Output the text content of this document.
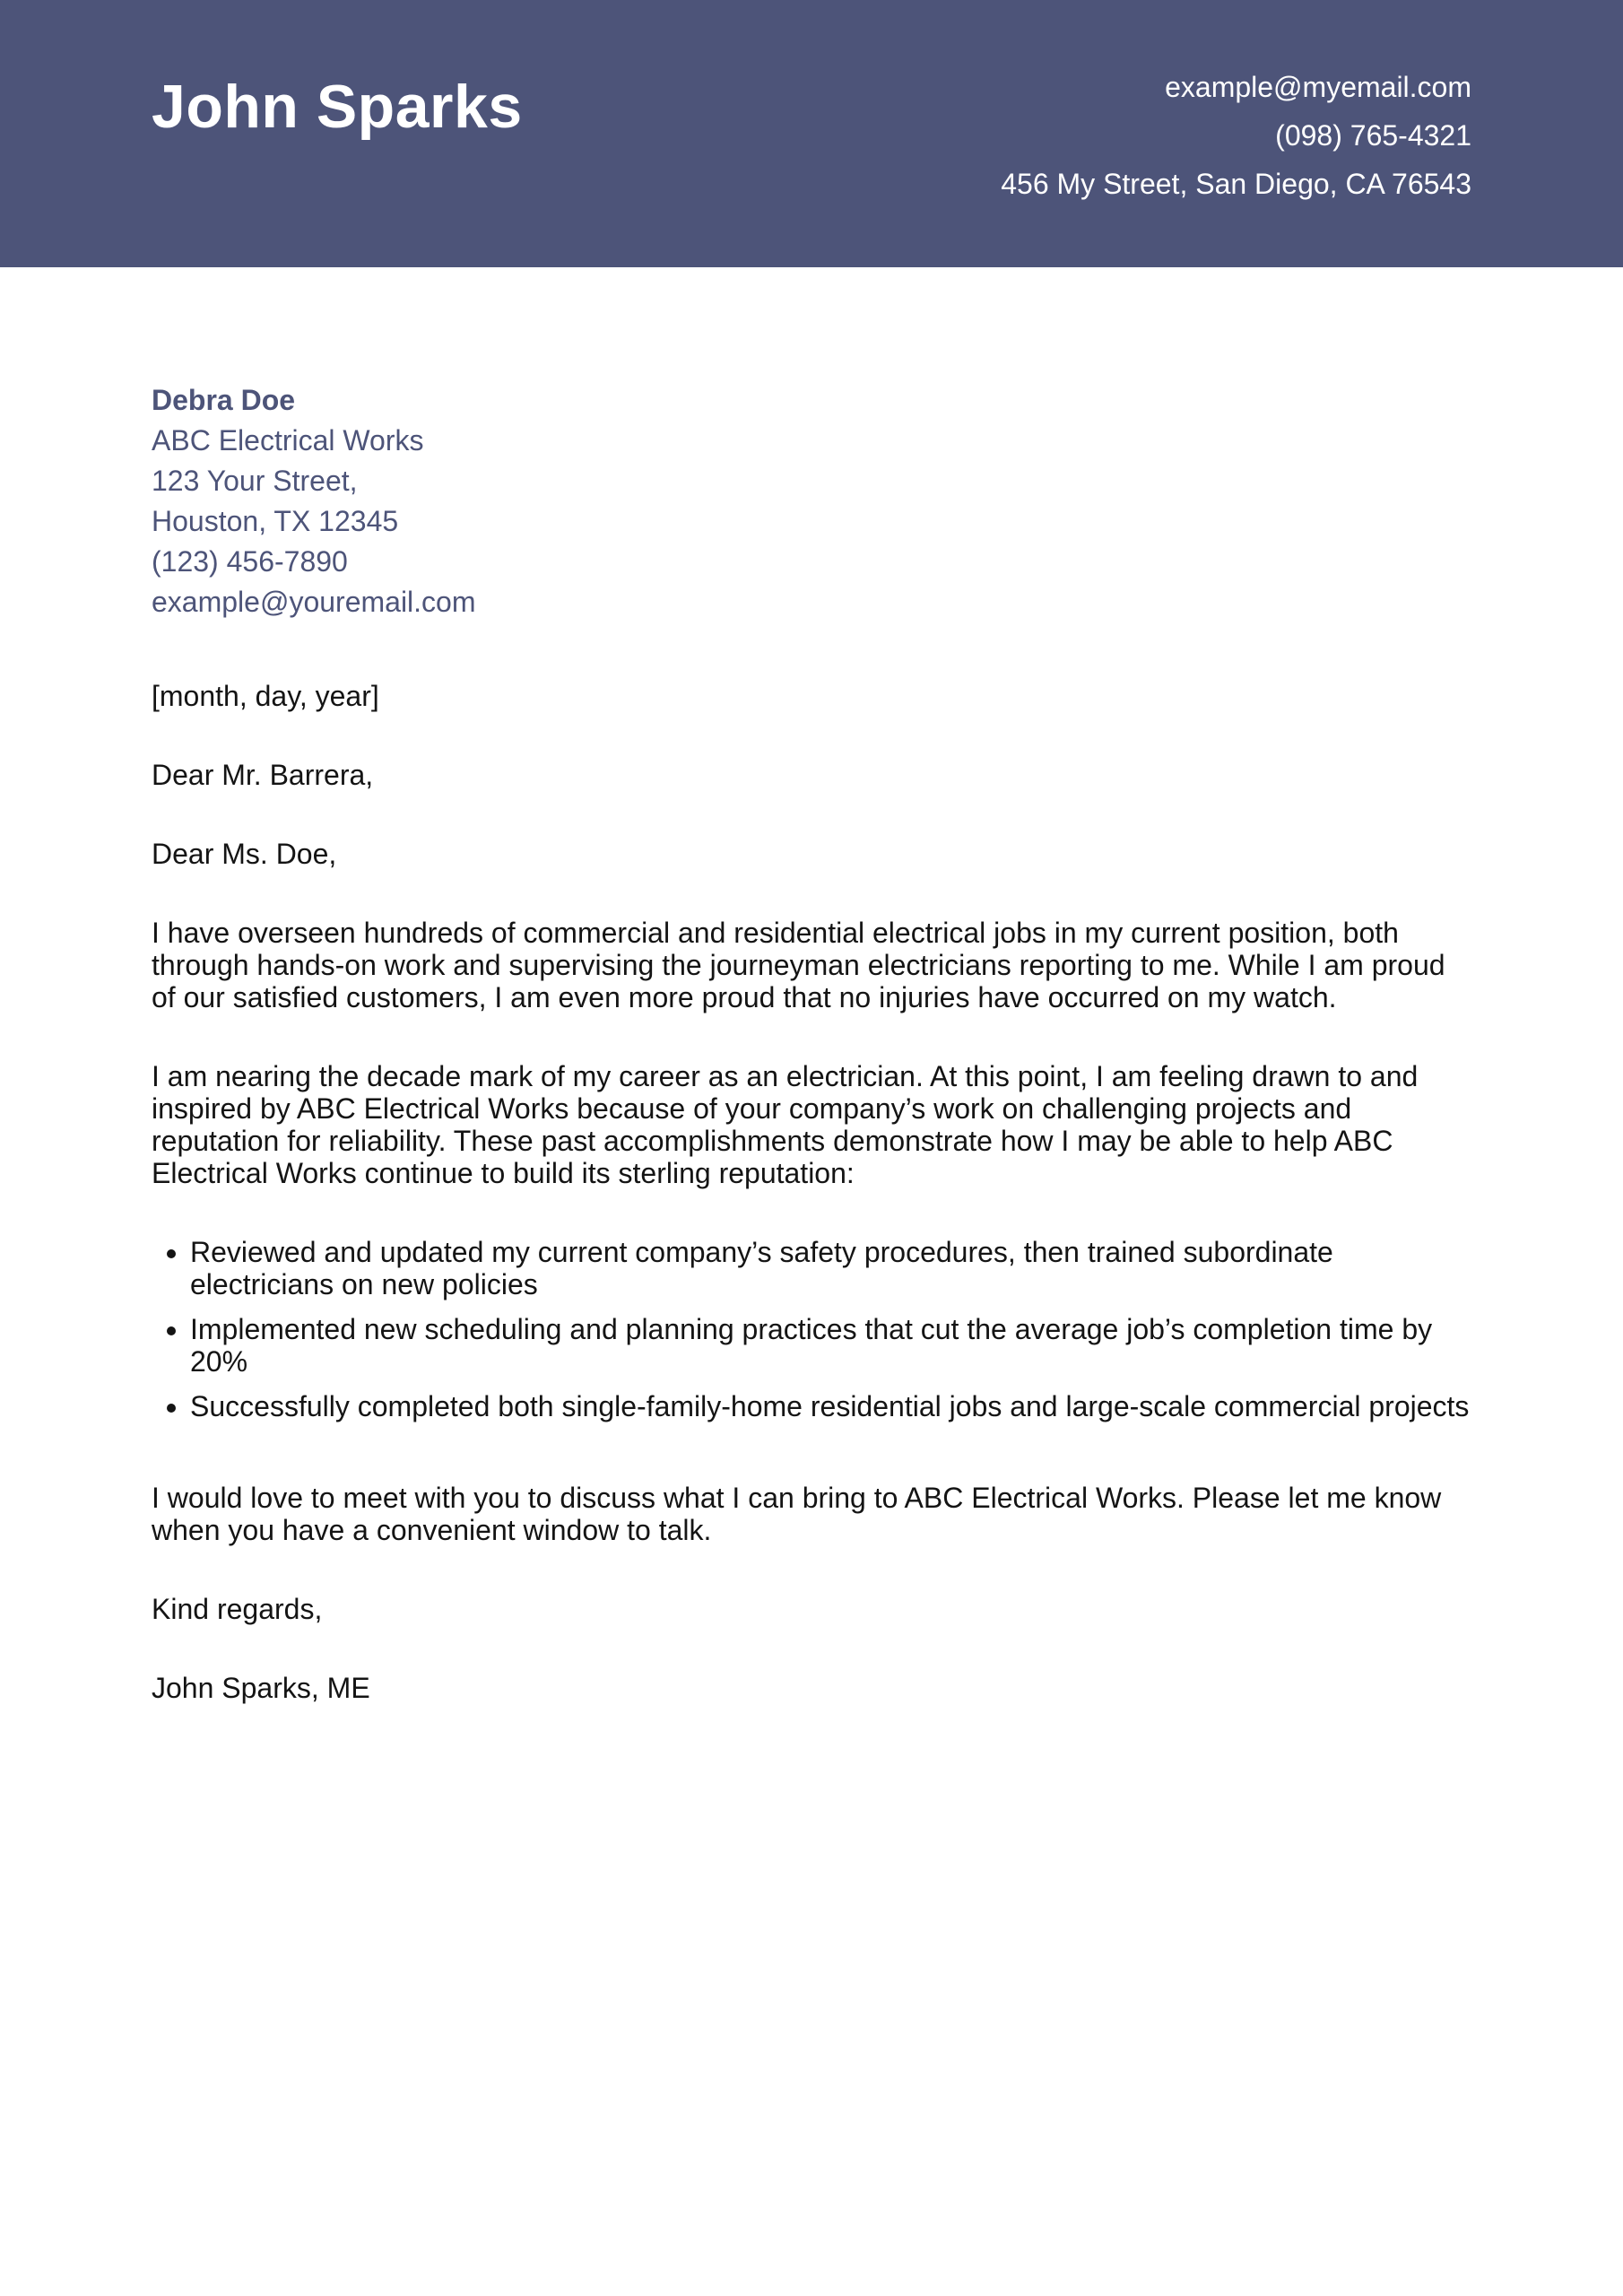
John Sparks	example@myemail.com
(098) 765-4321
456 My Street, San Diego, CA 76543
Debra Doe
ABC Electrical Works
123 Your Street,
Houston, TX 12345
(123) 456-7890
example@youremail.com

[month, day, year]

Dear Mr. Barrera,

Dear Ms. Doe,

I have overseen hundreds of commercial and residential electrical jobs in my current position, both through hands-on work and supervising the journeyman electricians reporting to me. While I am proud of our satisfied customers, I am even more proud that no injuries have occurred on my watch.

I am nearing the decade mark of my career as an electrician. At this point, I am feeling drawn to and inspired by ABC Electrical Works because of your company’s work on challenging projects and reputation for reliability. These past accomplishments demonstrate how I may be able to help ABC Electrical Works continue to build its sterling reputation:

• Reviewed and updated my current company’s safety procedures, then trained subordinate electricians on new policies
• Implemented new scheduling and planning practices that cut the average job’s completion time by 20%
• Successfully completed both single-family-home residential jobs and large-scale commercial projects

I would love to meet with you to discuss what I can bring to ABC Electrical Works. Please let me know when you have a convenient window to talk.

Kind regards,

John Sparks, ME
